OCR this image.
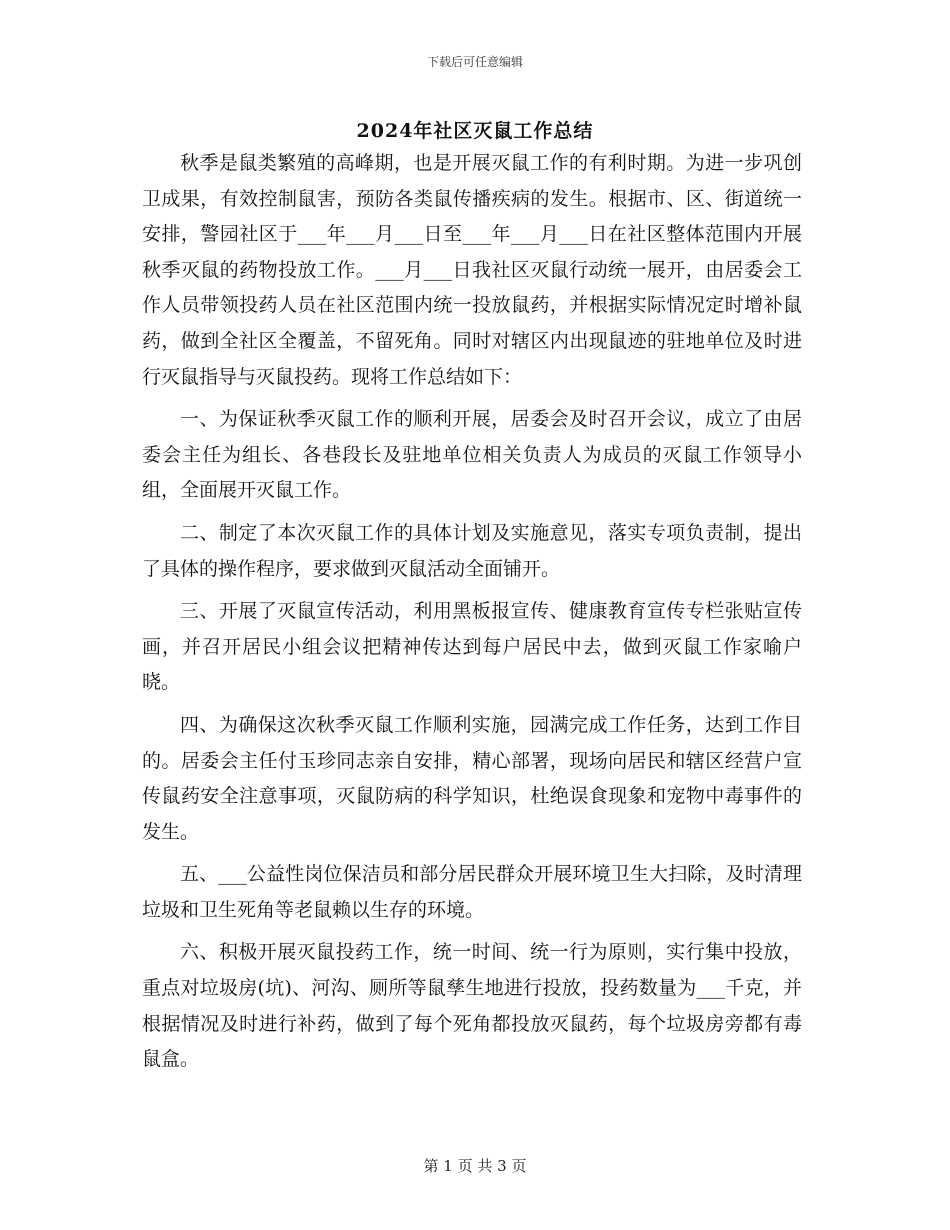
下载后可任意编辑
2024年社区灭鼠工作总结

秋季是鼠类繁殖的高峰期，也是开展灭鼠工作的有利时期。为进一步巩创卫成果，有效控制鼠害，预防各类鼠传播疾病的发生。根据市、区、街道统一安排，警园社区于___年___月___日至___年___月___日在社区整体范围内开展秋季灭鼠的药物投放工作。___月___日我社区灭鼠行动统一展开，由居委会工作人员带领投药人员在社区范围内统一投放鼠药，并根据实际情况定时增补鼠药，做到全社区全覆盖，不留死角。同时对辖区内出现鼠迹的驻地单位及时进行灭鼠指导与灭鼠投药。现将工作总结如下：

一、为保证秋季灭鼠工作的顺利开展，居委会及时召开会议，成立了由居委会主任为组长、各巷段长及驻地单位相关负责人为成员的灭鼠工作领导小组，全面展开灭鼠工作。

二、制定了本次灭鼠工作的具体计划及实施意见，落实专项负责制，提出了具体的操作程序，要求做到灭鼠活动全面铺开。

三、开展了灭鼠宣传活动，利用黑板报宣传、健康教育宣传专栏张贴宣传画，并召开居民小组会议把精神传达到每户居民中去，做到灭鼠工作家喻户晓。

四、为确保这次秋季灭鼠工作顺利实施，园满完成工作任务，达到工作目的。居委会主任付玉珍同志亲自安排，精心部署，现场向居民和辖区经营户宣传鼠药安全注意事项，灭鼠防病的科学知识，杜绝误食现象和宠物中毒事件的发生。

五、___公益性岗位保洁员和部分居民群众开展环境卫生大扫除，及时清理垃圾和卫生死角等老鼠赖以生存的环境。

六、积极开展灭鼠投药工作，统一时间、统一行为原则，实行集中投放，重点对垃圾房(坑)、河沟、厕所等鼠孳生地进行投放，投药数量为___千克，并根据情况及时进行补药，做到了每个死角都投放灭鼠药，每个垃圾房旁都有毒鼠盒。

第 1 页 共 3 页
